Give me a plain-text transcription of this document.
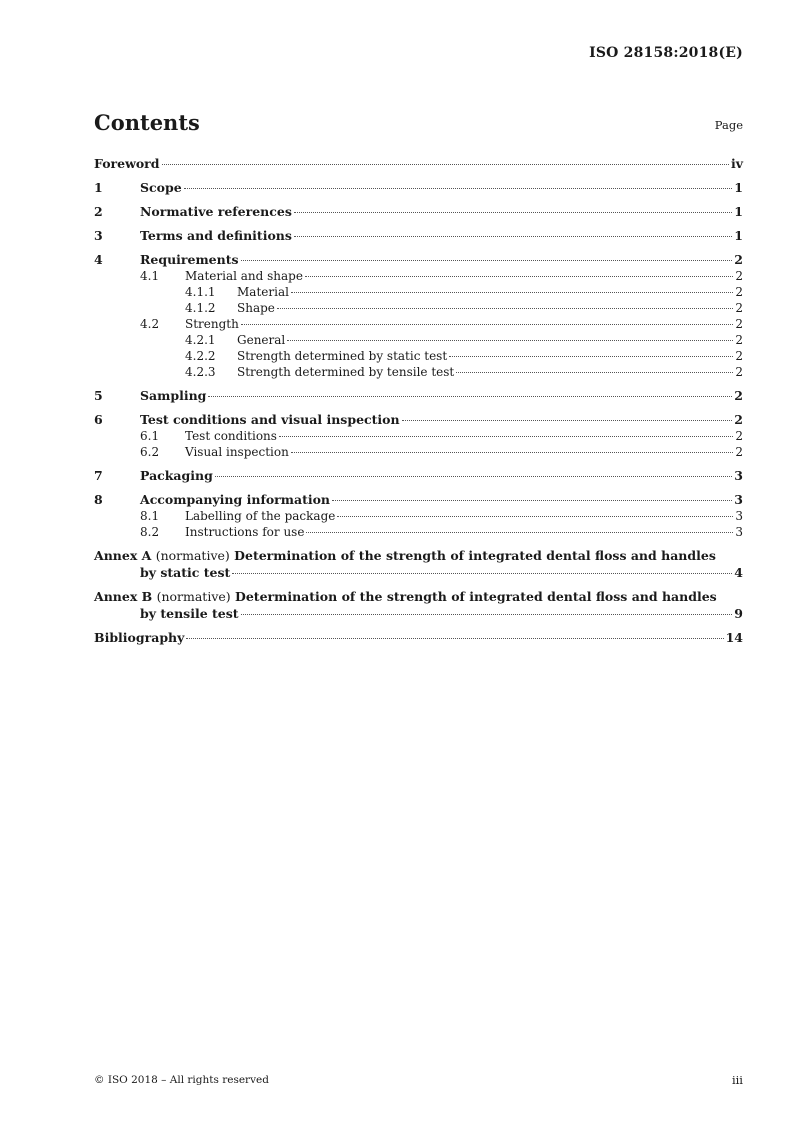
ISO 28158:2018(E)
Contents	Page
Foreword	iv
1	Scope	1
2	Normative references	1
3	Terms and definitions	1
4	Requirements	2
4.1	Material and shape	2
4.1.1	Material	2
4.1.2	Shape	2
4.2	Strength	2
4.2.1	General	2
4.2.2	Strength determined by static test	2
4.2.3	Strength determined by tensile test	2
5	Sampling	2
6	Test conditions and visual inspection	2
6.1	Test conditions	2
6.2	Visual inspection	2
7	Packaging	3
8	Accompanying information	3
8.1	Labelling of the package	3
8.2	Instructions for use	3
Annex A (normative) Determination of the strength of integrated dental floss and handles
by static test	4
Annex B (normative) Determination of the strength of integrated dental floss and handles
by tensile test	9
Bibliography	14
© ISO 2018 – All rights reserved	iii
